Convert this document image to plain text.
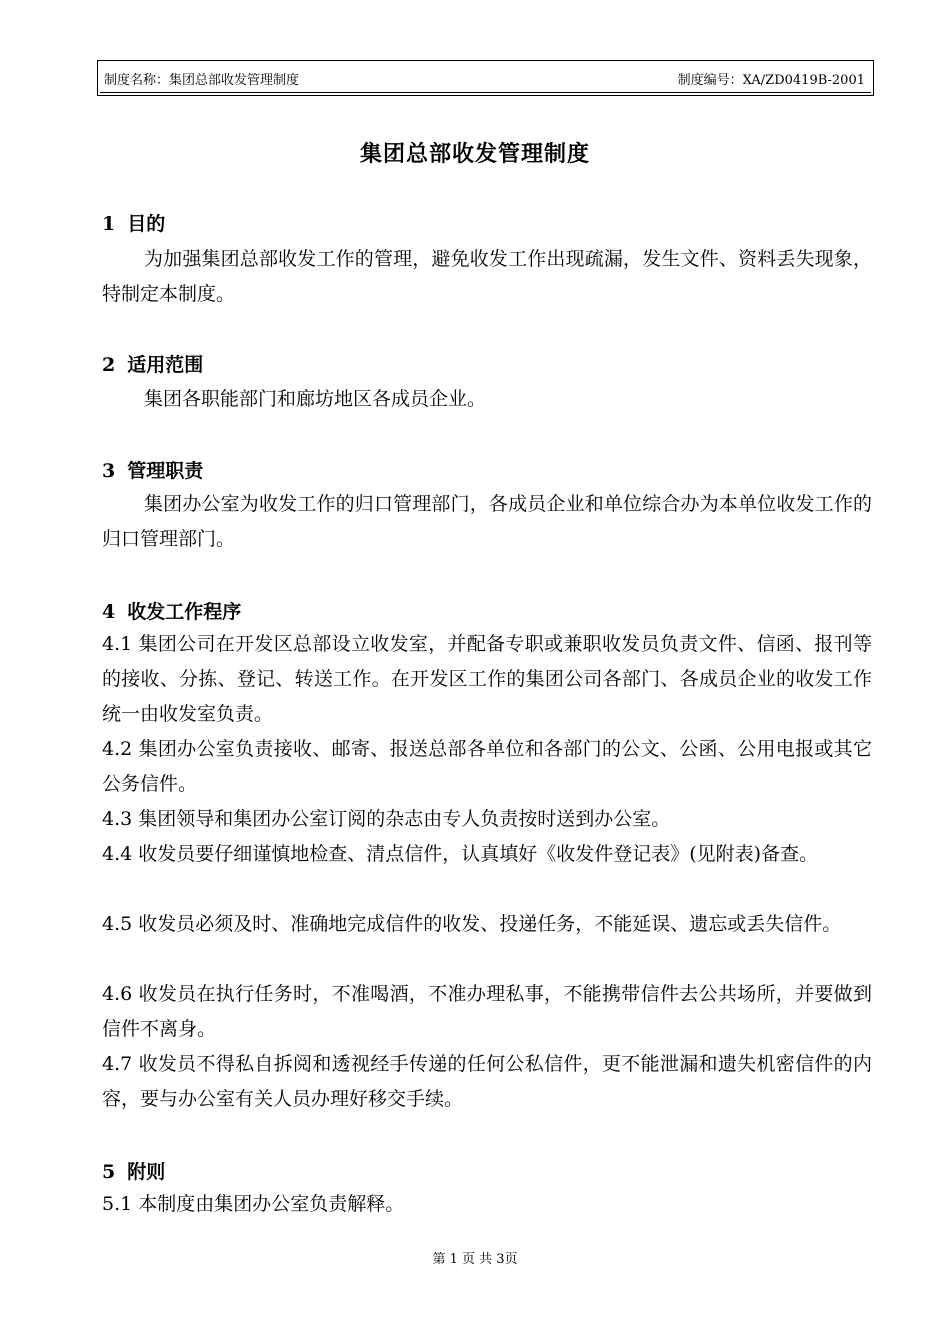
制度名称：集团总部收发管理制度	制度编号：XA/ZD0419B-2001
集团总部收发管理制度
1 目的
为加强集团总部收发工作的管理，避免收发工作出现疏漏，发生文件、资料丢失现象，特制定本制度。
2 适用范围
集团各职能部门和廊坊地区各成员企业。
3 管理职责
集团办公室为收发工作的归口管理部门，各成员企业和单位综合办为本单位收发工作的归口管理部门。
4 收发工作程序
4.1 集团公司在开发区总部设立收发室，并配备专职或兼职收发员负责文件、信函、报刊等的接收、分拣、登记、转送工作。在开发区工作的集团公司各部门、各成员企业的收发工作统一由收发室负责。
4.2 集团办公室负责接收、邮寄、报送总部各单位和各部门的公文、公函、公用电报或其它公务信件。
4.3 集团领导和集团办公室订阅的杂志由专人负责按时送到办公室。
4.4 收发员要仔细谨慎地检查、清点信件，认真填好《收发件登记表》(见附表)备查。
4.5 收发员必须及时、准确地完成信件的收发、投递任务，不能延误、遗忘或丢失信件。
4.6 收发员在执行任务时，不准喝酒，不准办理私事，不能携带信件去公共场所，并要做到信件不离身。
4.7 收发员不得私自拆阅和透视经手传递的任何公私信件，更不能泄漏和遗失机密信件的内容，要与办公室有关人员办理好移交手续。
5 附则
5.1 本制度由集团办公室负责解释。
第 1 页 共 3页
